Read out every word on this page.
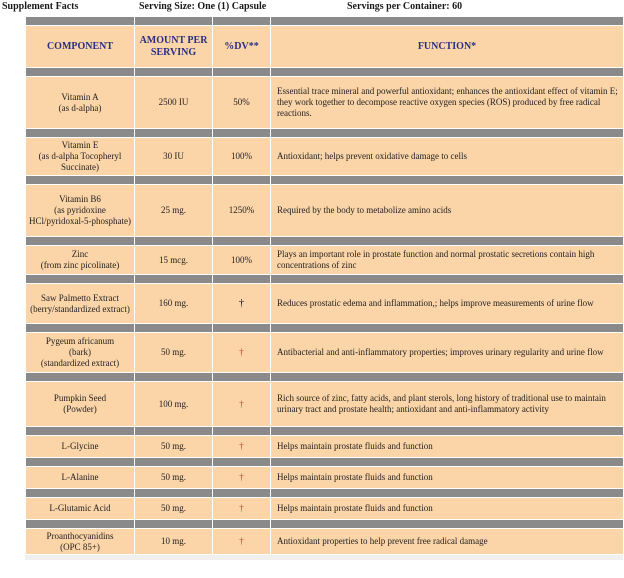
Supplement Facts	Serving Size: One (1) Capsule	Servings per Container: 60

COMPONENT	AMOUNT PER SERVING	%DV**	FUNCTION*

Vitamin A
(as d-alpha)	2500 IU	50%	Essential trace mineral and powerful antioxidant; enhances the antioxidant effect of vitamin E; they work together to decompose reactive oxygen species (ROS) produced by free radical reactions.

Vitamin E
(as d-alpha Tocopheryl Succinate)	30 IU	100%	Antioxidant; helps prevent oxidative damage to cells

Vitamin B6
(as pyridoxine HCl/pyridoxal-5-phosphate)	25 mg.	1250%	Required by the body to metabolize amino acids

Zinc
(from zinc picolinate)	15 mcg.	100%	Plays an important role in prostate function and normal prostatic secretions contain high concentrations of zinc

Saw Palmetto Extract
(berry/standardized extract)	160 mg.	†	Reduces prostatic edema and inflammation,; helps improve measurements of urine flow

Pygeum africanum
(bark)
(standardized extract)	50 mg.	†	Antibacterial and anti-inflammatory properties; improves urinary regularity and urine flow

Pumpkin Seed
(Powder)	100 mg.	†	Rich source of zinc, fatty acids, and plant sterols, long history of traditional use to maintain urinary tract and prostate health; antioxidant and anti-inflammatory activity

L-Glycine	50 mg.	†	Helps maintain prostate fluids and function

L-Alanine	50 mg.	†	Helps maintain prostate fluids and function

L-Glutamic Acid	50 mg.	†	Helps maintain prostate fluids and function

Proanthocyanidins
(OPC 85+)	10 mg.	†	Antioxidant properties to help prevent free radical damage
